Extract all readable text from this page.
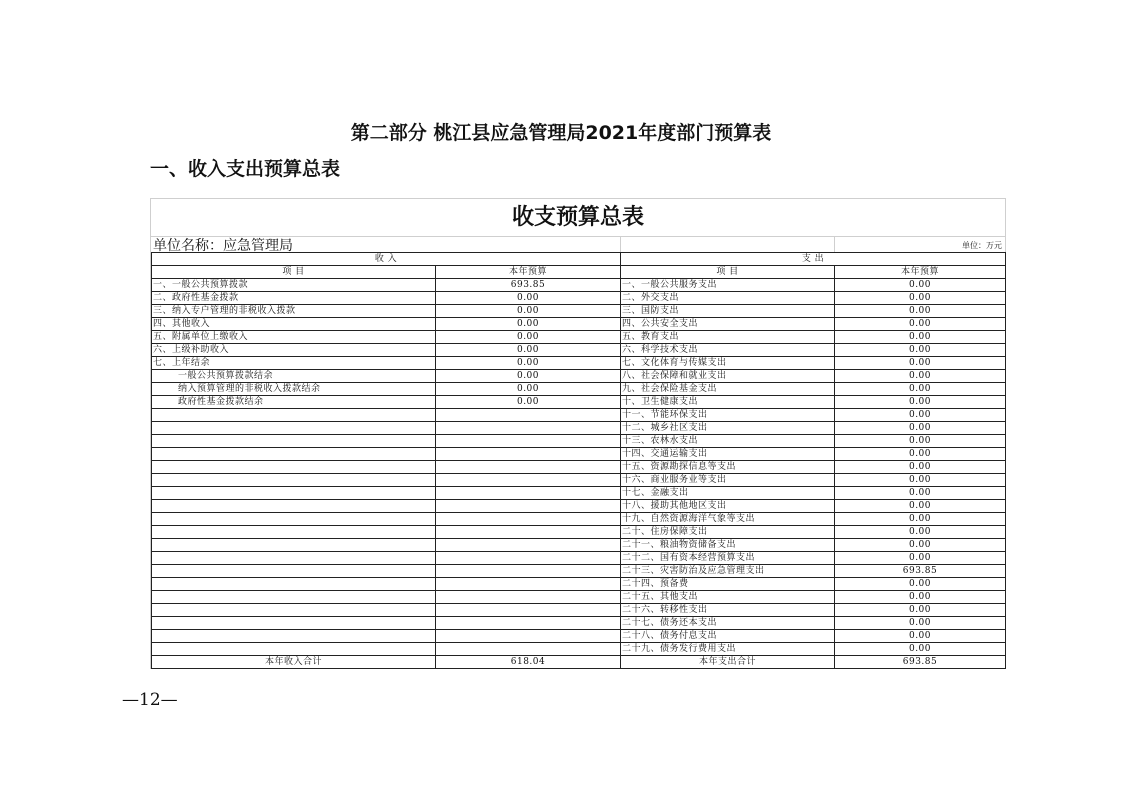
第二部分 桃江县应急管理局2021年度部门预算表
一、收入支出预算总表
收支预算总表
单位名称：应急管理局	单位：万元
收 入		支 出	
项 目	本年预算	项 目	本年预算
一、一般公共预算拨款	693.85	一、一般公共服务支出	0.00
二、政府性基金拨款	0.00	二、外交支出	0.00
三、纳入专户管理的非税收入拨款	0.00	三、国防支出	0.00
四、其他收入	0.00	四、公共安全支出	0.00
五、附属单位上缴收入	0.00	五、教育支出	0.00
六、上级补助收入	0.00	六、科学技术支出	0.00
七、上年结余	0.00	七、文化体育与传媒支出	0.00
一般公共预算拨款结余	0.00	八、社会保障和就业支出	0.00
纳入预算管理的非税收入拨款结余	0.00	九、社会保险基金支出	0.00
政府性基金拨款结余	0.00	十、卫生健康支出	0.00
		十一、节能环保支出	0.00
		十二、城乡社区支出	0.00
		十三、农林水支出	0.00
		十四、交通运输支出	0.00
		十五、资源勘探信息等支出	0.00
		十六、商业服务业等支出	0.00
		十七、金融支出	0.00
		十八、援助其他地区支出	0.00
		十九、自然资源海洋气象等支出	0.00
		二十、住房保障支出	0.00
		二十一、粮油物资储备支出	0.00
		二十二、国有资本经营预算支出	0.00
		二十三、灾害防治及应急管理支出	693.85
		二十四、预备费	0.00
		二十五、其他支出	0.00
		二十六、转移性支出	0.00
		二十七、债务还本支出	0.00
		二十八、债务付息支出	0.00
		二十九、债务发行费用支出	0.00
本年收入合计	618.04	本年支出合计	693.85
—12—
